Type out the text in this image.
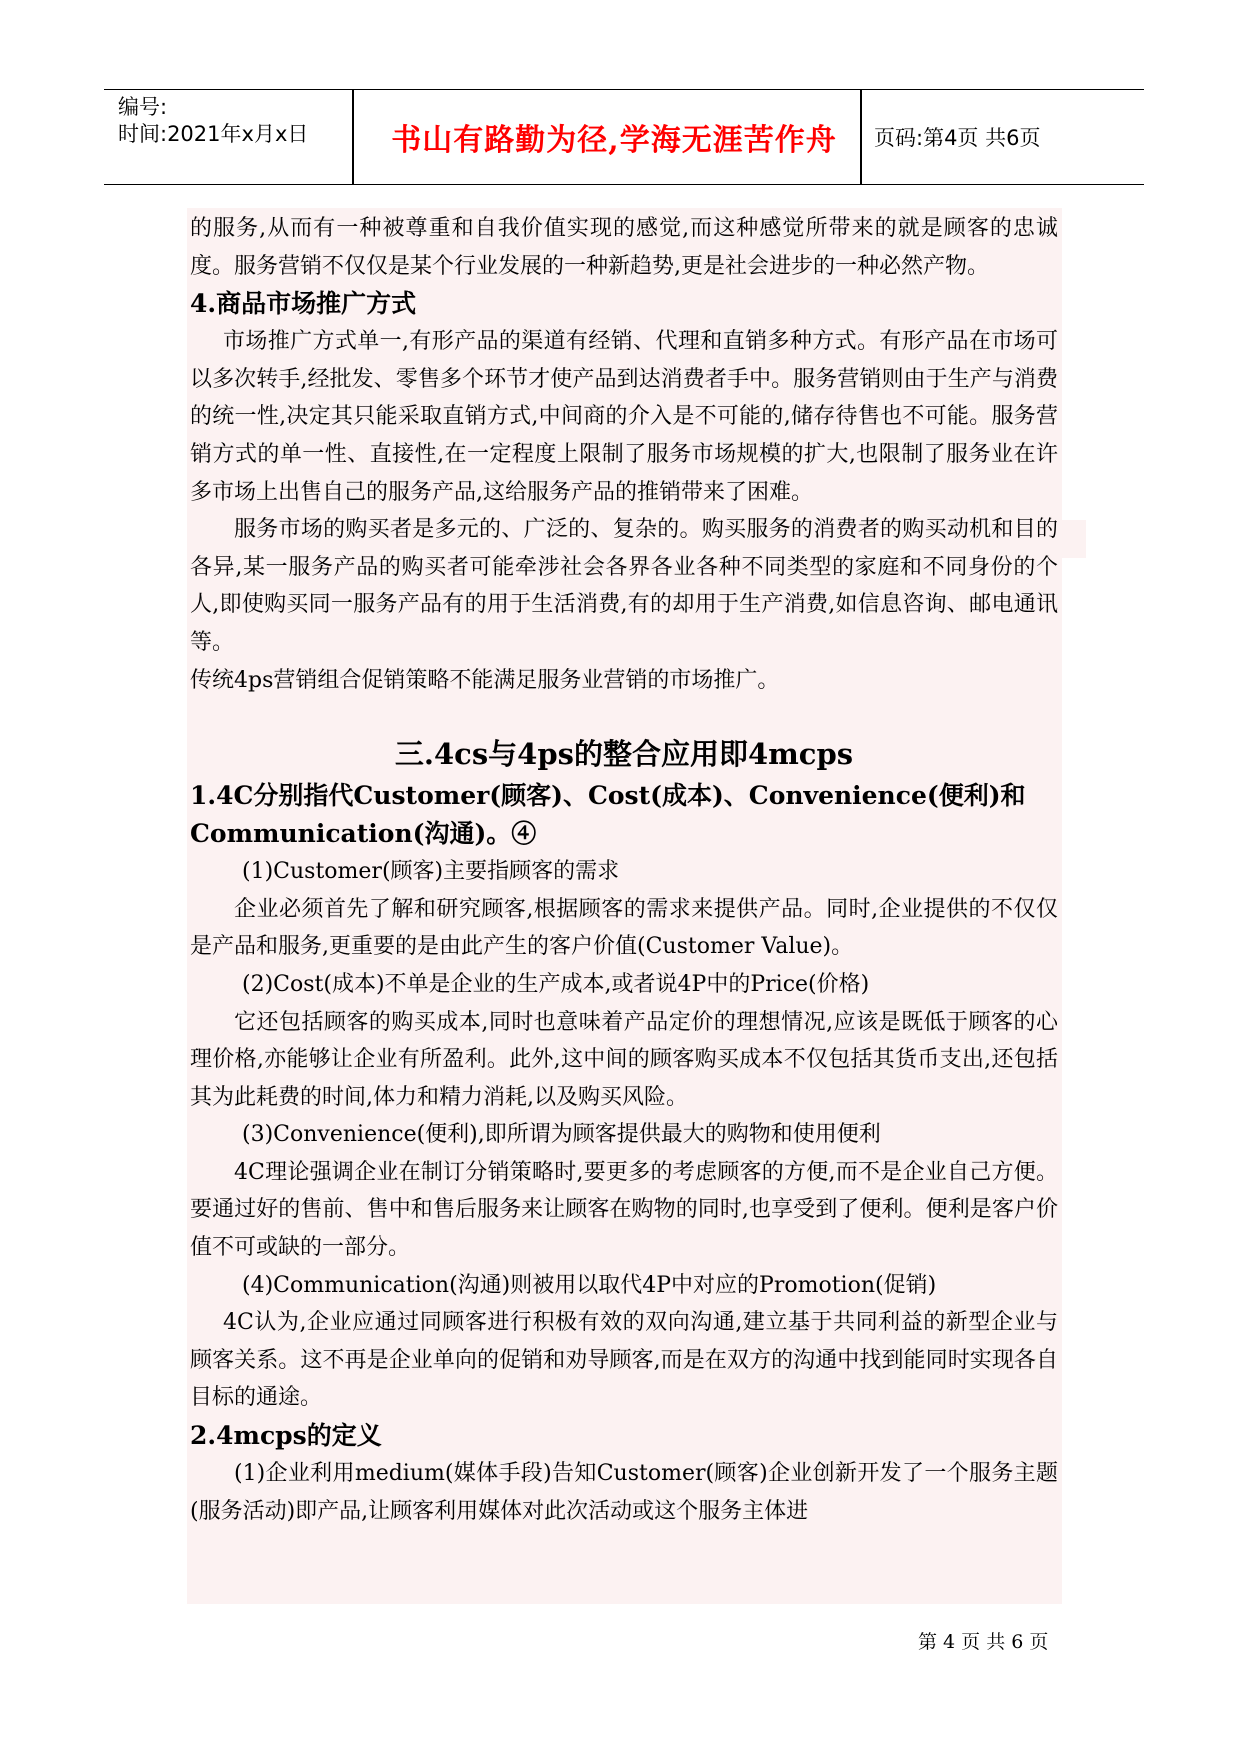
编号:
时间:2021年x月x日	书山有路勤为径,学海无涯苦作舟	页码:第4页 共6页

的服务,从而有一种被尊重和自我价值实现的感觉,而这种感觉所带来的就是顾客的忠诚度。服务营销不仅仅是某个行业发展的一种新趋势,更是社会进步的一种必然产物。

4.商品市场推广方式

市场推广方式单一,有形产品的渠道有经销、代理和直销多种方式。有形产品在市场可以多次转手,经批发、零售多个环节才使产品到达消费者手中。服务营销则由于生产与消费的统一性,决定其只能采取直销方式,中间商的介入是不可能的,储存待售也不可能。服务营销方式的单一性、直接性,在一定程度上限制了服务市场规模的扩大,也限制了服务业在许多市场上出售自己的服务产品,这给服务产品的推销带来了困难。

服务市场的购买者是多元的、广泛的、复杂的。购买服务的消费者的购买动机和目的各异,某一服务产品的购买者可能牵涉社会各界各业各种不同类型的家庭和不同身份的个人,即使购买同一服务产品有的用于生活消费,有的却用于生产消费,如信息咨询、邮电通讯等。

传统4ps营销组合促销策略不能满足服务业营销的市场推广。

三.4cs与4ps的整合应用即4mcps
1.4C分别指代Customer(顾客)、Cost(成本)、Convenience(便利)和Communication(沟通)。④

(1)Customer(顾客)主要指顾客的需求

企业必须首先了解和研究顾客,根据顾客的需求来提供产品。同时,企业提供的不仅仅是产品和服务,更重要的是由此产生的客户价值(Customer Value)。

(2)Cost(成本)不单是企业的生产成本,或者说4P中的Price(价格)

它还包括顾客的购买成本,同时也意味着产品定价的理想情况,应该是既低于顾客的心理价格,亦能够让企业有所盈利。此外,这中间的顾客购买成本不仅包括其货币支出,还包括其为此耗费的时间,体力和精力消耗,以及购买风险。

(3)Convenience(便利),即所谓为顾客提供最大的购物和使用便利

4C理论强调企业在制订分销策略时,要更多的考虑顾客的方便,而不是企业自己方便。要通过好的售前、售中和售后服务来让顾客在购物的同时,也享受到了便利。便利是客户价值不可或缺的一部分。

(4)Communication(沟通)则被用以取代4P中对应的Promotion(促销)

4C认为,企业应通过同顾客进行积极有效的双向沟通,建立基于共同利益的新型企业与顾客关系。这不再是企业单向的促销和劝导顾客,而是在双方的沟通中找到能同时实现各自目标的通途。

2.4mcps的定义

(1)企业利用medium(媒体手段)告知Customer(顾客)企业创新开发了一个服务主题(服务活动)即产品,让顾客利用媒体对此次活动或这个服务主体进

第 4 页 共 6 页
